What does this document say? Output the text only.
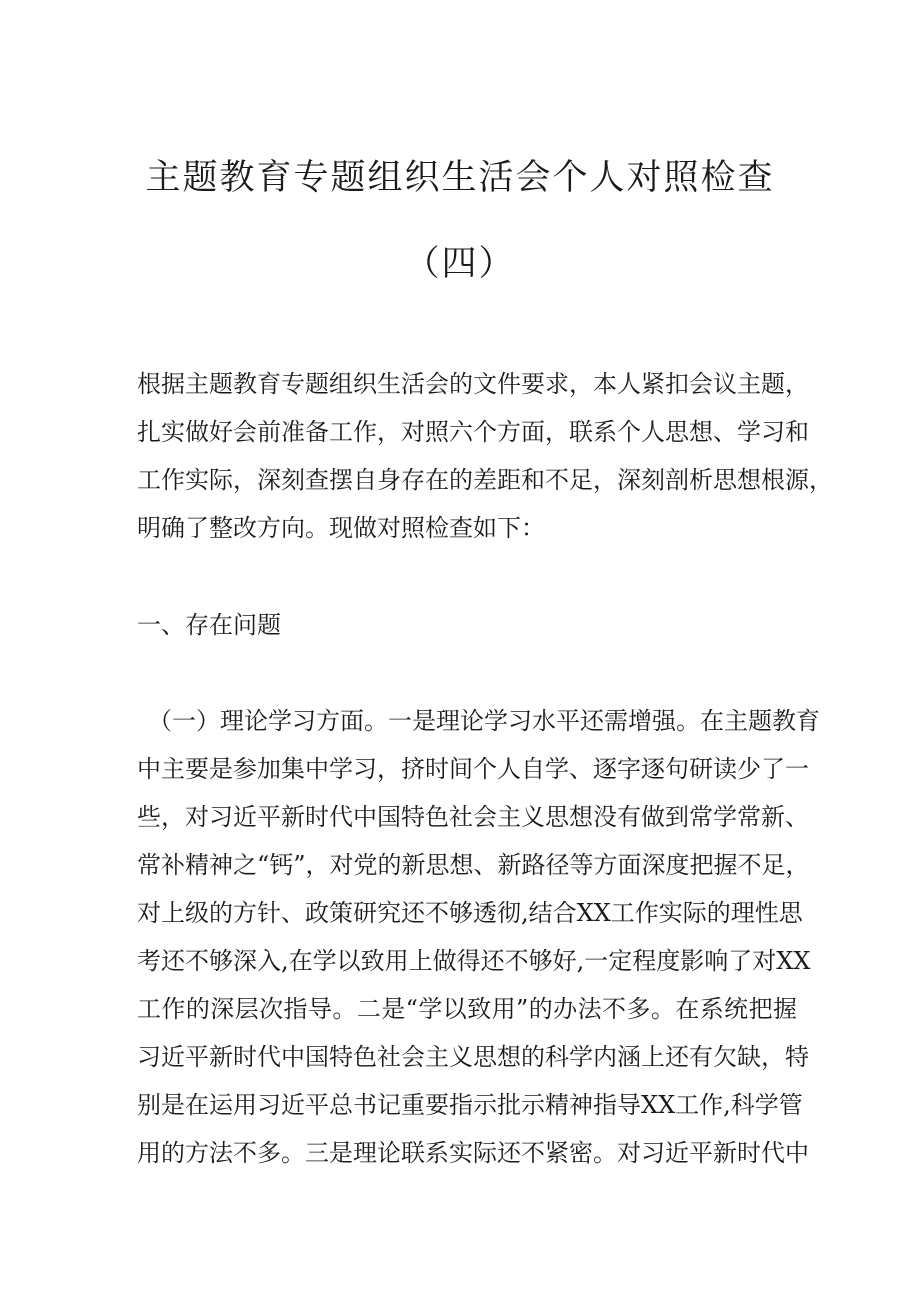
主题教育专题组织生活会个人对照检查
（四）
根据主题教育专题组织生活会的文件要求，本人紧扣会议主题，
扎实做好会前准备工作，对照六个方面，联系个人思想、学习和
工作实际，深刻查摆自身存在的差距和不足，深刻剖析思想根源，
明确了整改方向。现做对照检查如下：
一、存在问题
（一）理论学习方面。一是理论学习水平还需增强。在主题教育
中主要是参加集中学习，挤时间个人自学、逐字逐句研读少了一
些，对习近平新时代中国特色社会主义思想没有做到常学常新、
常补精神之“钙”，对党的新思想、新路径等方面深度把握不足，
对上级的方针、政策研究还不够透彻,结合XX工作实际的理性思
考还不够深入,在学以致用上做得还不够好,一定程度影响了对XX
工作的深层次指导。二是“学以致用”的办法不多。在系统把握
习近平新时代中国特色社会主义思想的科学内涵上还有欠缺，特
别是在运用习近平总书记重要指示批示精神指导XX工作,科学管
用的方法不多。三是理论联系实际还不紧密。对习近平新时代中
